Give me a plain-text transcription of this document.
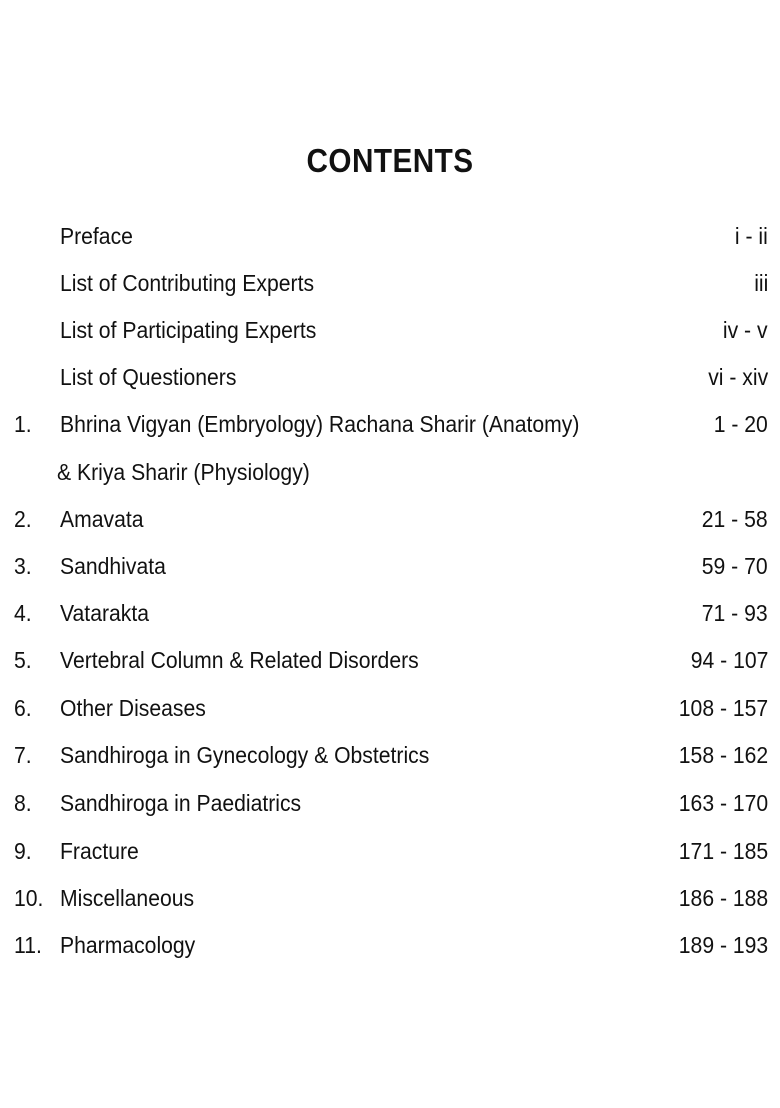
CONTENTS
Preface	i - ii
List of Contributing Experts	iii
List of Participating Experts	iv - v
List of Questioners	vi - xiv
1. Bhrina Vigyan (Embryology) Rachana Sharir (Anatomy)	1 - 20
& Kriya Sharir (Physiology)
2. Amavata	21 - 58
3. Sandhivata	59 - 70
4. Vatarakta	71 - 93
5. Vertebral Column & Related Disorders	94 - 107
6. Other Diseases	108 - 157
7. Sandhiroga in Gynecology & Obstetrics	158 - 162
8. Sandhiroga in Paediatrics	163 - 170
9. Fracture	171 - 185
10. Miscellaneous	186 - 188
11. Pharmacology	189 - 193
